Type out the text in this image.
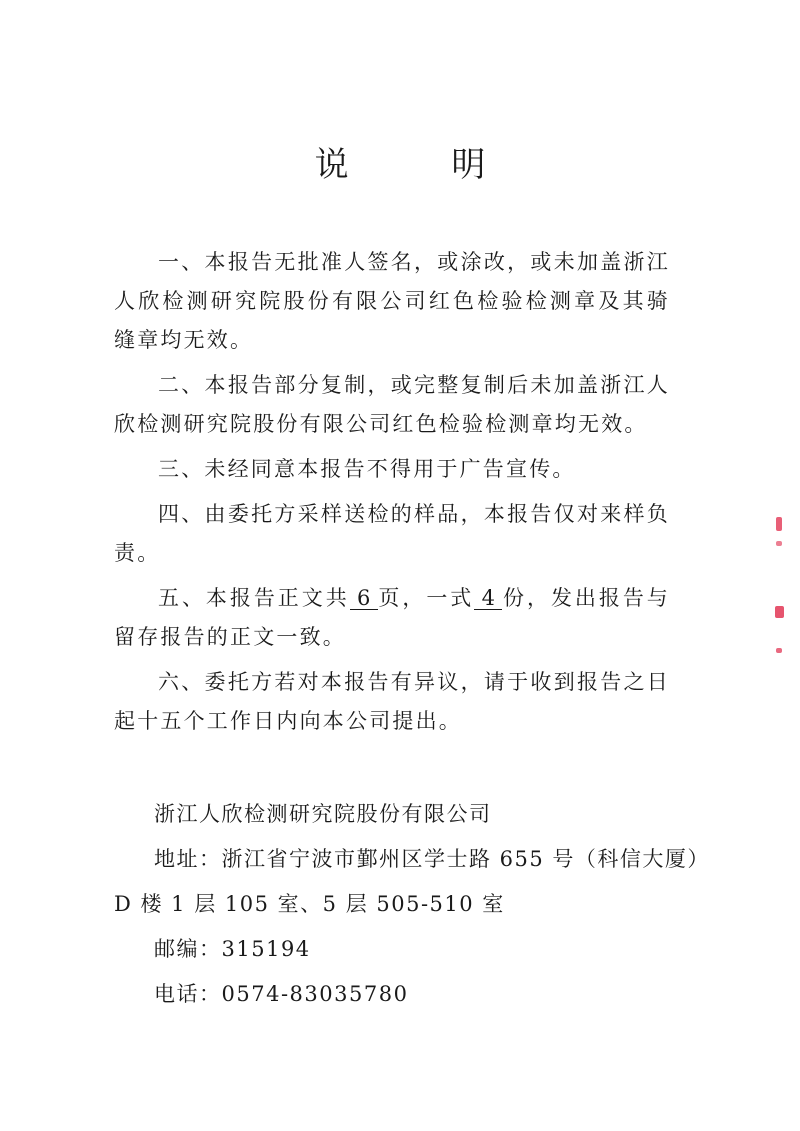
说 明

一、本报告无批准人签名，或涂改，或未加盖浙江人欣检测研究院股份有限公司红色检验检测章及其骑缝章均无效。

二、本报告部分复制，或完整复制后未加盖浙江人欣检测研究院股份有限公司红色检验检测章均无效。

三、未经同意本报告不得用于广告宣传。

四、由委托方采样送检的样品，本报告仅对来样负责。

五、本报告正文共 6 页，一式 4 份，发出报告与留存报告的正文一致。

六、委托方若对本报告有异议，请于收到报告之日起十五个工作日内向本公司提出。

浙江人欣检测研究院股份有限公司
地址：浙江省宁波市鄞州区学士路 655 号（科信大厦）
D 楼 1 层 105 室、5 层 505-510 室
邮编：315194
电话：0574-83035780
